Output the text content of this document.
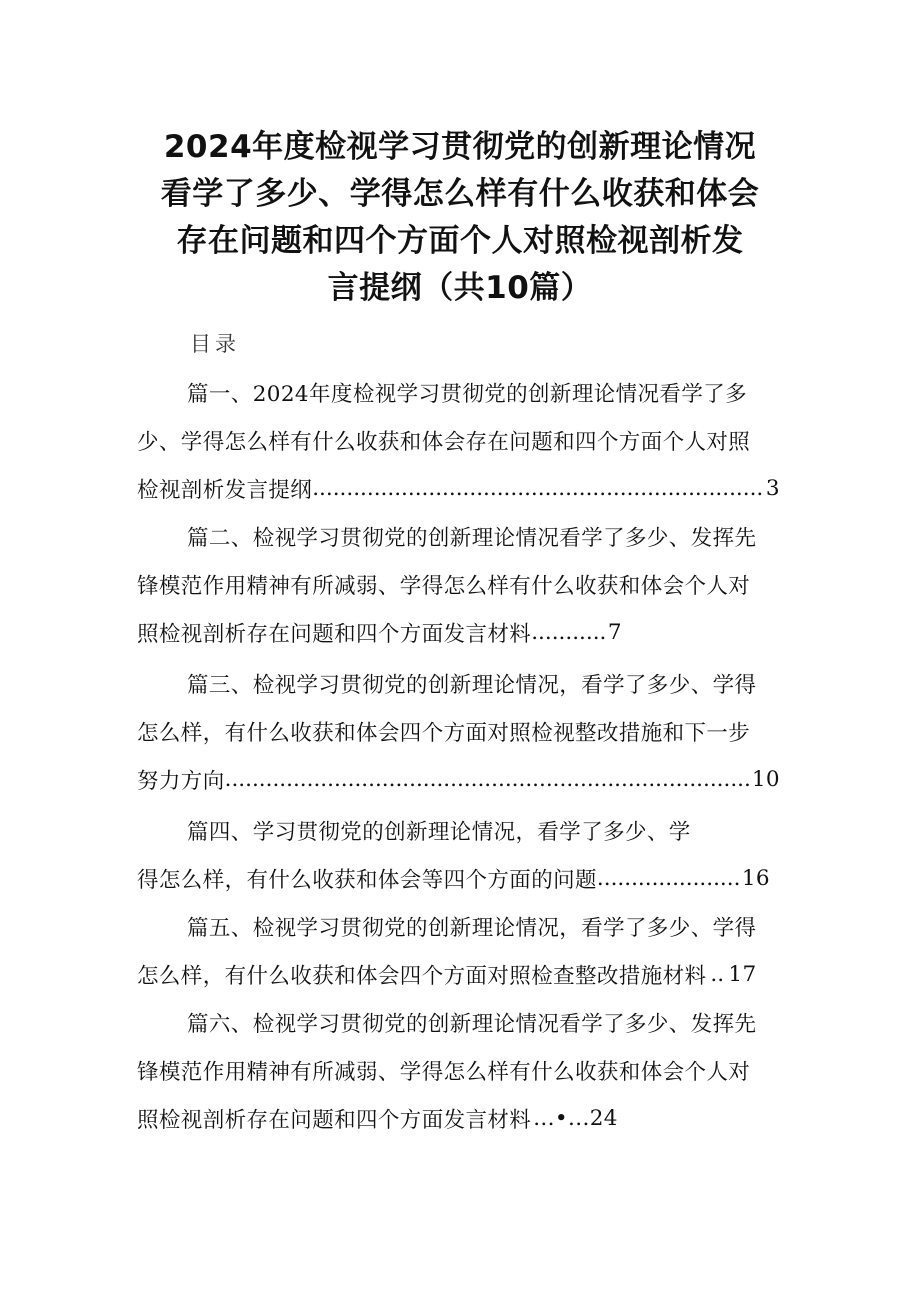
2024年度检视学习贯彻党的创新理论情况
看学了多少、学得怎么样有什么收获和体会
存在问题和四个方面个人对照检视剖析发
言提纲（共10篇）
目录
篇一、2024年度检视学习贯彻党的创新理论情况看学了多
少、学得怎么样有什么收获和体会存在问题和四个方面个人对照
检视剖析发言提纲 .....	3
篇二、检视学习贯彻党的创新理论情况看学了多少、发挥先
锋模范作用精神有所减弱、学得怎么样有什么收获和体会个人对
照检视剖析存在问题和四个方面发言材料 .....	7
篇三、检视学习贯彻党的创新理论情况，看学了多少、学得
怎么样，有什么收获和体会四个方面对照检视整改措施和下一步
努力方向 .....	10
篇四、学习贯彻党的创新理论情况，看学了多少、学
得怎么样，有什么收获和体会等四个方面的问题 .....	16
篇五、检视学习贯彻党的创新理论情况，看学了多少、学得
怎么样，有什么收获和体会四个方面对照检查整改措施材料 ..... 17
篇六、检视学习贯彻党的创新理论情况看学了多少、发挥先
锋模范作用精神有所减弱、学得怎么样有什么收获和体会个人对
照检视剖析存在问题和四个方面发言材料 ...•...24
